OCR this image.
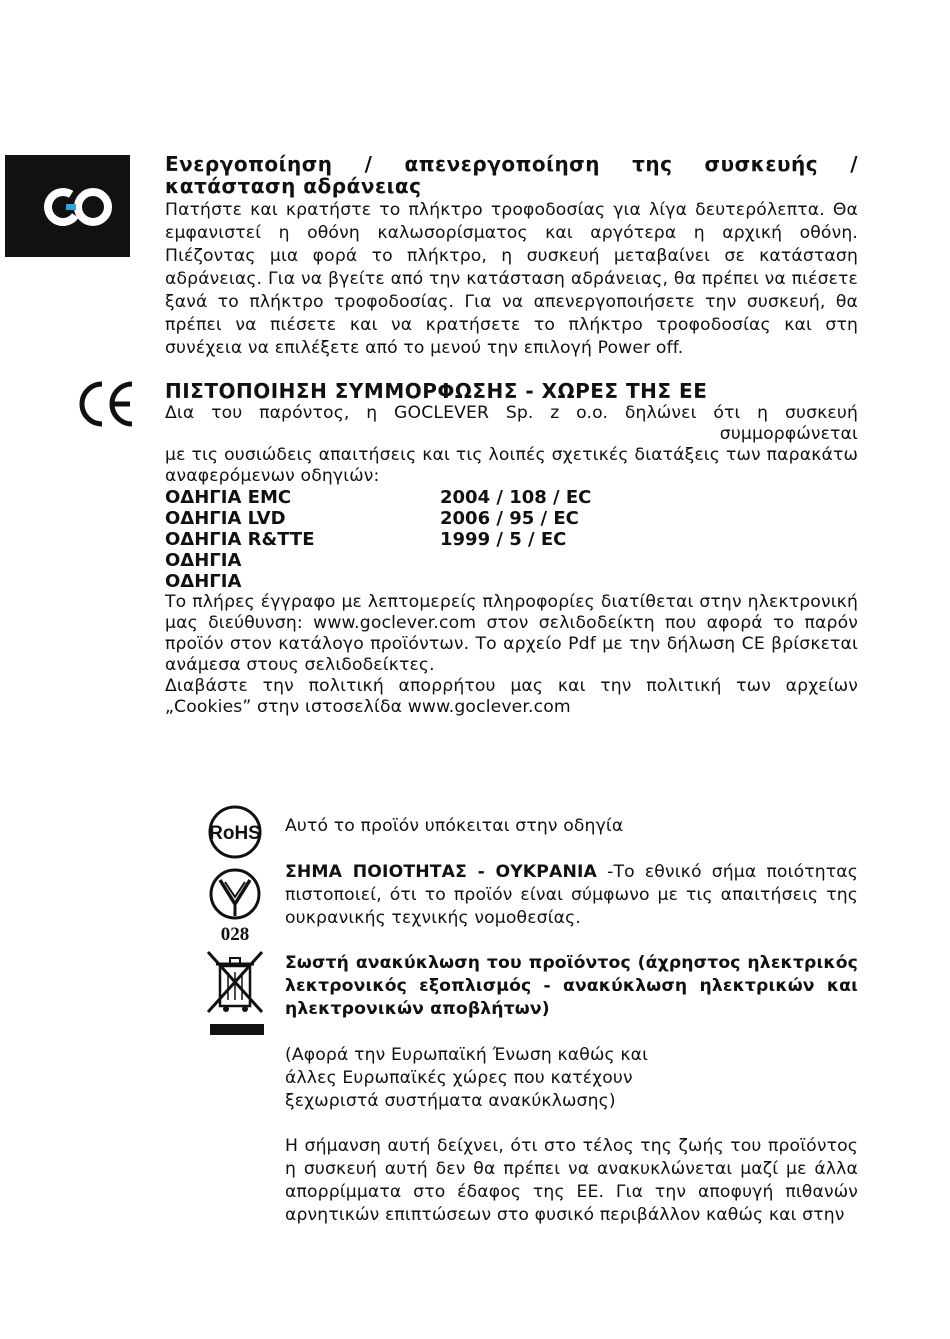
Ενεργοποίηση / απενεργοποίηση της συσκευής / κατάσταση αδράνειας
Πατήστε και κρατήστε το πλήκτρο τροφοδοσίας για λίγα δευτερόλεπτα. Θα εμφανιστεί η οθόνη καλωσορίσματος και αργότερα η αρχική οθόνη. Πιέζοντας μια φορά το πλήκτρο, η συσκευή μεταβαίνει σε κατάσταση αδράνειας. Για να βγείτε από την κατάσταση αδράνειας, θα πρέπει να πιέσετε ξανά το πλήκτρο τροφοδοσίας. Για να απενεργοποιήσετε την συσκευή, θα πρέπει να πιέσετε και να κρατήσετε το πλήκτρο τροφοδοσίας και στη συνέχεια να επιλέξετε από το μενού την επιλογή Power off.
ΠΙΣΤΟΠΟΙΗΣΗ ΣΥΜΜΟΡΦΩΣΗΣ - ΧΩΡΕΣ ΤΗΣ ΕΕ
Δια του παρόντος, η GOCLEVER Sp. z o.o. δηλώνει ότι η συσκευή
συμμορφώνεται
με τις ουσιώδεις απαιτήσεις και τις λοιπές σχετικές διατάξεις των παρακάτω αναφερόμενων οδηγιών:
ΟΔΗΓΙΑ EMC	2004 / 108 / EC
ΟΔΗΓΙΑ LVD	2006 / 95 / EC
ΟΔΗΓΙΑ R&TTE	1999 / 5 / EC
ΟΔΗΓΙΑ
ΟΔΗΓΙΑ
Το πλήρες έγγραφο με λεπτομερείς πληροφορίες διατίθεται στην ηλεκτρονική μας διεύθυνση: www.goclever.com στον σελιδοδείκτη που αφορά το παρόν προϊόν στον κατάλογο προϊόντων. Το αρχείο Pdf με την δήλωση CE βρίσκεται ανάμεσα στους σελιδοδείκτες.
Διαβάστε την πολιτική απορρήτου μας και την πολιτική των αρχείων „Cookies” στην ιστοσελίδα www.goclever.com
RoHS Αυτό το προϊόν υπόκειται στην οδηγία
028
ΣΗΜΑ ΠΟΙΟΤΗΤΑΣ - ΟΥΚΡΑΝΙΑ -Το εθνικό σήμα ποιότητας πιστοποιεί, ότι το προϊόν είναι σύμφωνο με τις απαιτήσεις της ουκρανικής τεχνικής νομοθεσίας.
Σωστή ανακύκλωση του προϊόντος (άχρηστος ηλεκτρικός λεκτρονικός εξοπλισμός - ανακύκλωση ηλεκτρικών και ηλεκτρονικών αποβλήτων)
(Αφορά την Ευρωπαϊκή Ένωση καθώς και άλλες Ευρωπαϊκές χώρες που κατέχουν ξεχωριστά συστήματα ανακύκλωσης)
Η σήμανση αυτή δείχνει, ότι στο τέλος της ζωής του προϊόντος η συσκευή αυτή δεν θα πρέπει να ανακυκλώνεται μαζί με άλλα απορρίμματα στο έδαφος της ΕΕ. Για την αποφυγή πιθανών αρνητικών επιπτώσεων στο φυσικό περιβάλλον καθώς και στην
